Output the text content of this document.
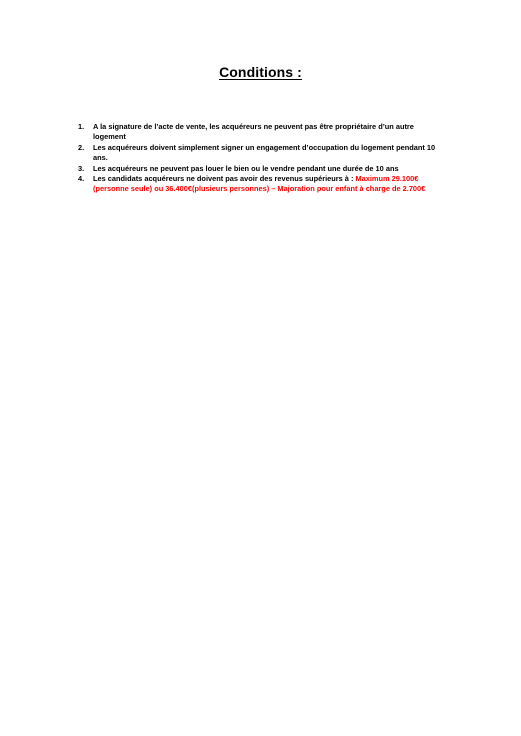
Conditions :
1. A la signature de l’acte de vente, les acquéreurs ne peuvent pas être propriétaire d’un autre logement
2. Les acquéreurs doivent simplement signer un engagement d’occupation du logement pendant 10 ans.
3. Les acquéreurs ne peuvent pas louer le bien ou le vendre pendant une durée de 10 ans
4. Les candidats acquéreurs ne doivent pas avoir des revenus supérieurs à : Maximum 29.100€ (personne seule) ou 36.400€(plusieurs personnes) – Majoration pour enfant à charge de 2.700€
